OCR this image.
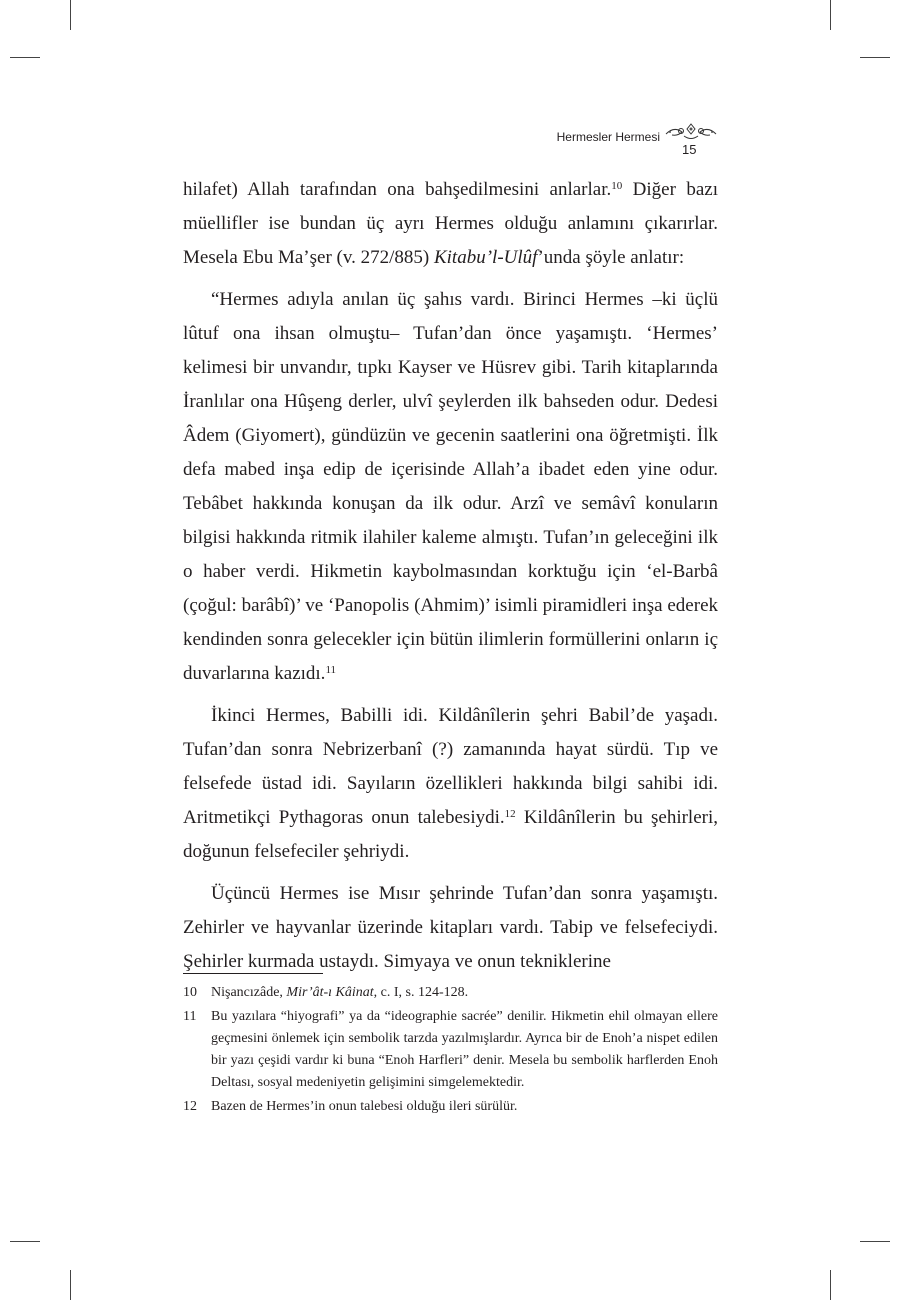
Hermesler Hermesi
15

hilafet) Allah tarafından ona bahşedilmesini anlarlar.$^{10}$ Diğer bazı müellifler ise bundan üç ayrı Hermes olduğu anlamını çıkarırlar. Mesela Ebu Ma’şer (v. 272/885) Kitabu’l-Ulûf’unda şöyle anlatır:

“Hermes adıyla anılan üç şahıs vardı. Birinci Hermes –ki üçlü lûtuf ona ihsan olmuştu– Tufan’dan önce yaşamıştı. ‘Hermes’ kelimesi bir unvandır, tıpkı Kayser ve Hüsrev gibi. Tarih kitaplarında İranlılar ona Hûşeng derler, ulvî şeylerden ilk bahseden odur. Dedesi Âdem (Giyomert), gündüzün ve gecenin saatlerini ona öğretmişti. İlk defa mabed inşa edip de içerisinde Allah’a ibadet eden yine odur. Tebâbet hakkında konuşan da ilk odur. Arzî ve semâvî konuların bilgisi hakkında ritmik ilahiler kaleme almıştı. Tufan’ın geleceğini ilk o haber verdi. Hikmetin kaybolmasından korktuğu için ‘el-Barbâ (çoğul: barâbî)’ ve ‘Panopolis (Ahmim)’ isimli piramidleri inşa ederek kendinden sonra gelecekler için bütün ilimlerin formüllerini onların iç duvarlarına kazıdı.$^{11}$

İkinci Hermes, Babilli idi. Kildânîlerin şehri Babil’de yaşadı. Tufan’dan sonra Nebrizerbanî (?) zamanında hayat sürdü. Tıp ve felsefede üstad idi. Sayıların özellikleri hakkında bilgi sahibi idi. Aritmetikçi Pythagoras onun talebesiydi.$^{12}$ Kildânîlerin bu şehirleri, doğunun felsefeciler şehriydi.

Üçüncü Hermes ise Mısır şehrinde Tufan’dan sonra yaşamıştı. Zehirler ve hayvanlar üzerinde kitapları vardı. Tabip ve felsefeciydi. Şehirler kurmada ustaydı. Simyaya ve onun tekniklerine

10	Nişancızâde, Mir’ât-ı Kâinat, c. I, s. 124-128.
11	Bu yazılara “hiyografi” ya da “ideographie sacrée” denilir. Hikmetin ehil olmayan ellere geçmesini önlemek için sembolik tarzda yazılmışlardır. Ayrıca bir de Enoh’a nispet edilen bir yazı çeşidi vardır ki buna “Enoh Harfleri” denir. Mesela bu sembolik harflerden Enoh Deltası, sosyal medeniyetin gelişimini simgelemektedir.
12	Bazen de Hermes’in onun talebesi olduğu ileri sürülür.
